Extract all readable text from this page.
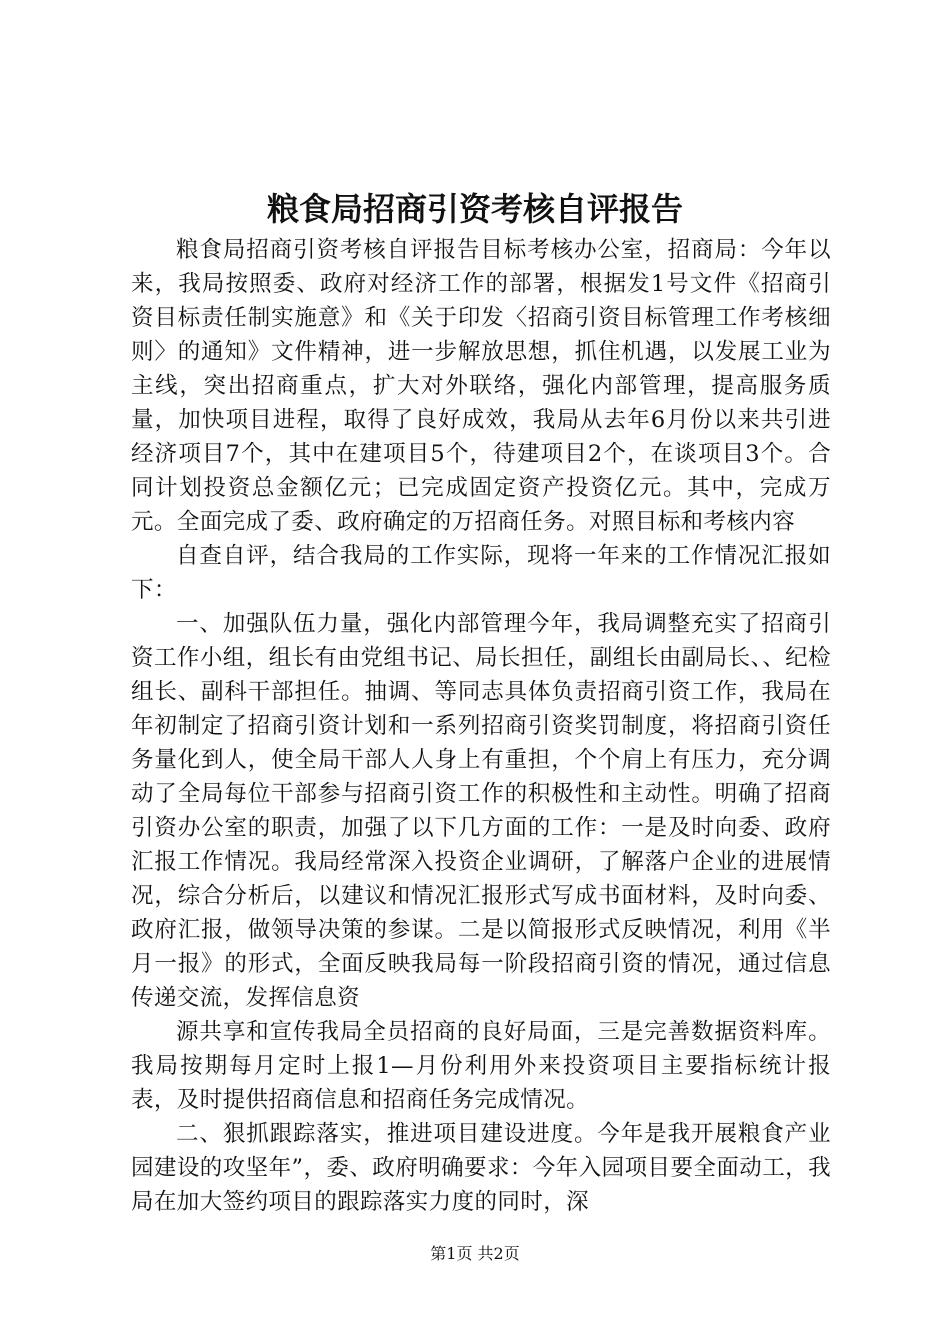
粮食局招商引资考核自评报告

粮食局招商引资考核自评报告目标考核办公室，招商局：今年以来，我局按照委、政府对经济工作的部署，根据发1号文件《招商引资目标责任制实施意》和《关于印发〈招商引资目标管理工作考核细则〉的通知》文件精神，进一步解放思想，抓住机遇，以发展工业为主线，突出招商重点，扩大对外联络，强化内部管理，提高服务质量，加快项目进程，取得了良好成效，我局从去年6月份以来共引进经济项目7个，其中在建项目5个，待建项目2个，在谈项目3个。合同计划投资总金额亿元；已完成固定资产投资亿元。其中，完成万元。全面完成了委、政府确定的万招商任务。对照目标和考核内容

自查自评，结合我局的工作实际，现将一年来的工作情况汇报如下：

一、加强队伍力量，强化内部管理今年，我局调整充实了招商引资工作小组，组长有由党组书记、局长担任，副组长由副局长、、纪检组长、副科干部担任。抽调、等同志具体负责招商引资工作，我局在年初制定了招商引资计划和一系列招商引资奖罚制度，将招商引资任务量化到人，使全局干部人人身上有重担，个个肩上有压力，充分调动了全局每位干部参与招商引资工作的积极性和主动性。明确了招商引资办公室的职责，加强了以下几方面的工作：一是及时向委、政府汇报工作情况。我局经常深入投资企业调研，了解落户企业的进展情况，综合分析后，以建议和情况汇报形式写成书面材料，及时向委、政府汇报，做领导决策的参谋。二是以简报形式反映情况，利用《半月一报》的形式，全面反映我局每一阶段招商引资的情况，通过信息传递交流，发挥信息资

源共享和宣传我局全员招商的良好局面，三是完善数据资料库。我局按期每月定时上报1—月份利用外来投资项目主要指标统计报表，及时提供招商信息和招商任务完成情况。

二、狠抓跟踪落实，推进项目建设进度。今年是我开展粮食产业园建设的攻坚年”，委、政府明确要求：今年入园项目要全面动工，我局在加大签约项目的跟踪落实力度的同时，深

第1页 共2页
